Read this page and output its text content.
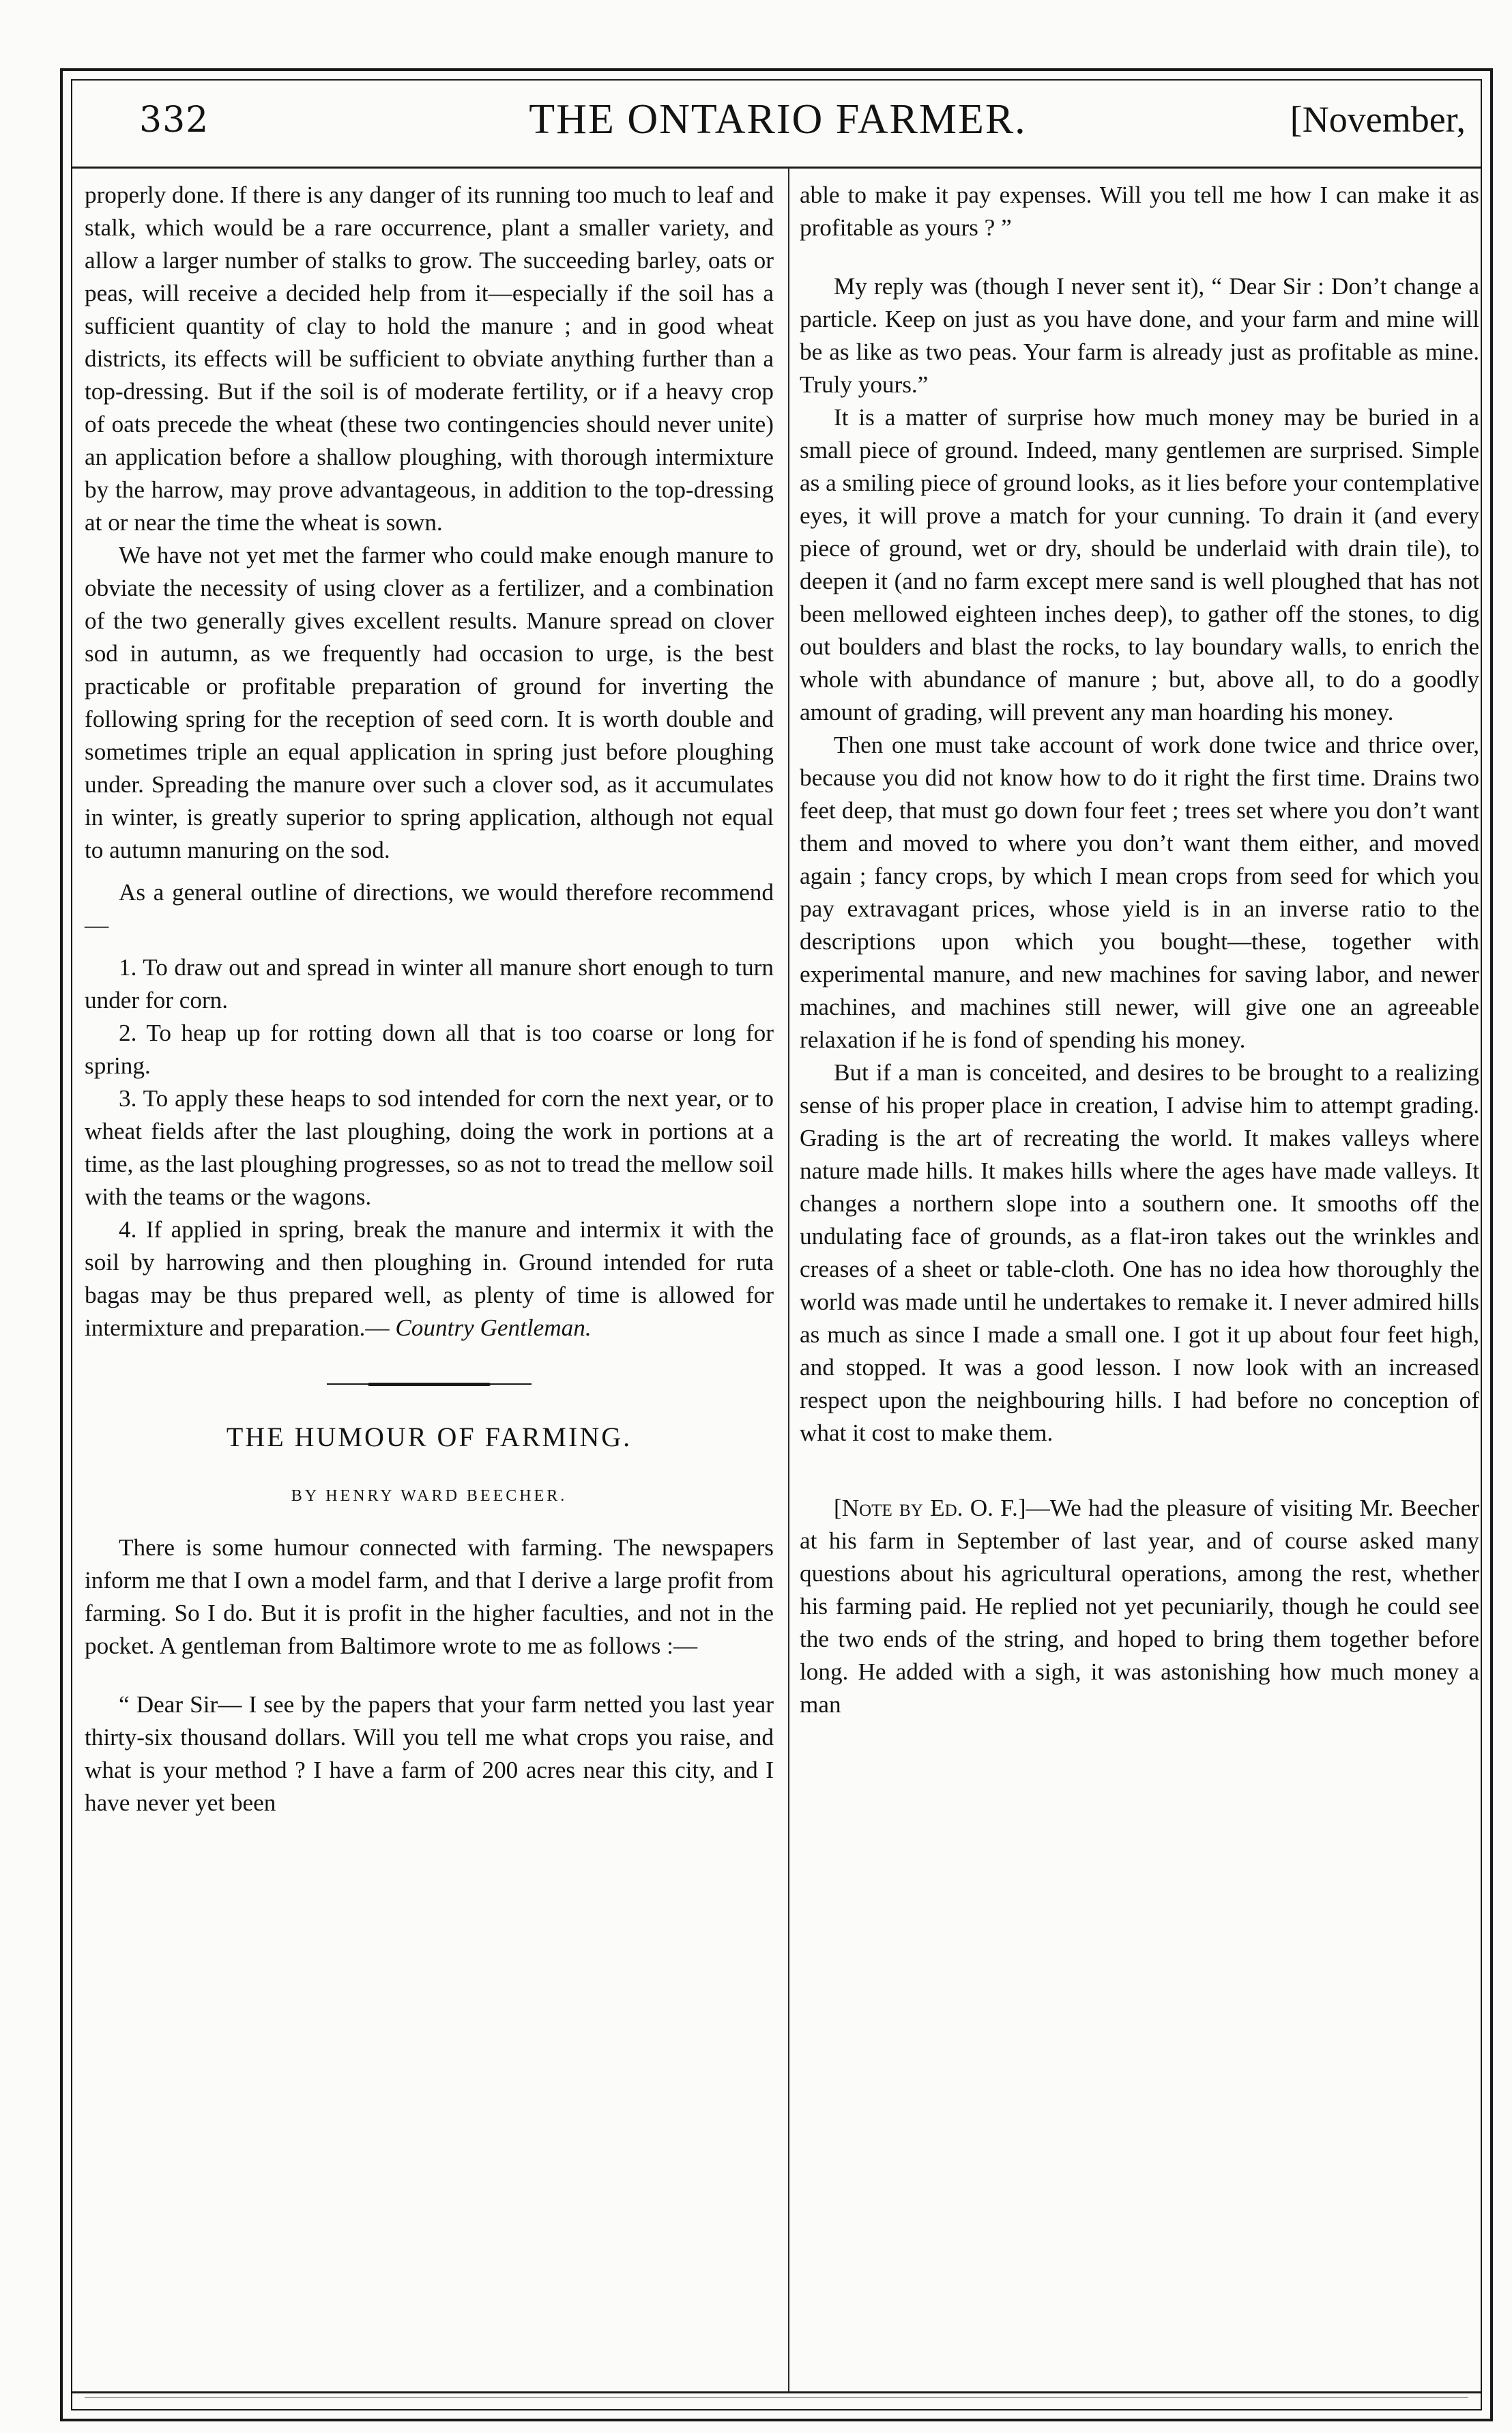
332	THE ONTARIO FARMER.	[November,

properly done. If there is any danger of its running too much to leaf and stalk, which would be a rare occurrence, plant a smaller variety, and allow a larger number of stalks to grow. The succeeding barley, oats or peas, will receive a decided help from it—especially if the soil has a sufficient quantity of clay to hold the manure ; and in good wheat districts, its effects will be sufficient to obviate anything further than a top-dressing. But if the soil is of moderate fertility, or if a heavy crop of oats precede the wheat (these two contingencies should never unite) an application before a shallow ploughing, with thorough intermixture by the harrow, may prove advantageous, in addition to the top-dressing at or near the time the wheat is sown.

We have not yet met the farmer who could make enough manure to obviate the necessity of using clover as a fertilizer, and a combination of the two generally gives excellent results. Manure spread on clover sod in autumn, as we frequently had occasion to urge, is the best practicable or profitable preparation of ground for inverting the following spring for the reception of seed corn. It is worth double and sometimes triple an equal application in spring just before ploughing under. Spreading the manure over such a clover sod, as it accumulates in winter, is greatly superior to spring application, although not equal to autumn manuring on the sod.

As a general outline of directions, we would therefore recommend—

1. To draw out and spread in winter all manure short enough to turn under for corn.

2. To heap up for rotting down all that is too coarse or long for spring.

3. To apply these heaps to sod intended for corn the next year, or to wheat fields after the last ploughing, doing the work in portions at a time, as the last ploughing progresses, so as not to tread the mellow soil with the teams or the wagons.

4. If applied in spring, break the manure and intermix it with the soil by harrowing and then ploughing in. Ground intended for ruta bagas may be thus prepared well, as plenty of time is allowed for intermixture and preparation.— Country Gentleman.

THE HUMOUR OF FARMING.
BY HENRY WARD BEECHER.

There is some humour connected with farming. The newspapers inform me that I own a model farm, and that I derive a large profit from farming. So I do. But it is profit in the higher faculties, and not in the pocket. A gentleman from Baltimore wrote to me as follows :—

“ Dear Sir— I see by the papers that your farm netted you last year thirty-six thousand dollars. Will you tell me what crops you raise, and what is your method ? I have a farm of 200 acres near this city, and I have never yet been

able to make it pay expenses. Will you tell me how I can make it as profitable as yours ? ”

My reply was (though I never sent it), “ Dear Sir : Don’t change a particle. Keep on just as you have done, and your farm and mine will be as like as two peas. Your farm is already just as profitable as mine. Truly yours.”

It is a matter of surprise how much money may be buried in a small piece of ground. Indeed, many gentlemen are surprised. Simple as a smiling piece of ground looks, as it lies before your contemplative eyes, it will prove a match for your cunning. To drain it (and every piece of ground, wet or dry, should be underlaid with drain tile), to deepen it (and no farm except mere sand is well ploughed that has not been mellowed eighteen inches deep), to gather off the stones, to dig out boulders and blast the rocks, to lay boundary walls, to enrich the whole with abundance of manure ; but, above all, to do a goodly amount of grading, will prevent any man hoarding his money.

Then one must take account of work done twice and thrice over, because you did not know how to do it right the first time. Drains two feet deep, that must go down four feet ; trees set where you don’t want them and moved to where you don’t want them either, and moved again ; fancy crops, by which I mean crops from seed for which you pay extravagant prices, whose yield is in an inverse ratio to the descriptions upon which you bought—these, together with experimental manure, and new machines for saving labor, and newer machines, and machines still newer, will give one an agreeable relaxation if he is fond of spending his money.

But if a man is conceited, and desires to be brought to a realizing sense of his proper place in creation, I advise him to attempt grading. Grading is the art of recreating the world. It makes valleys where nature made hills. It makes hills where the ages have made valleys. It changes a northern slope into a southern one. It smooths off the undulating face of grounds, as a flat-iron takes out the wrinkles and creases of a sheet or table-cloth. One has no idea how thoroughly the world was made until he undertakes to remake it. I never admired hills as much as since I made a small one. I got it up about four feet high, and stopped. It was a good lesson. I now look with an increased respect upon the neighbouring hills. I had before no conception of what it cost to make them.

[Note by Ed. O. F.]—We had the pleasure of visiting Mr. Beecher at his farm in September of last year, and of course asked many questions about his agricultural operations, among the rest, whether his farming paid. He replied not yet pecuniarily, though he could see the two ends of the string, and hoped to bring them together before long. He added with a sigh, it was astonishing how much money a man
